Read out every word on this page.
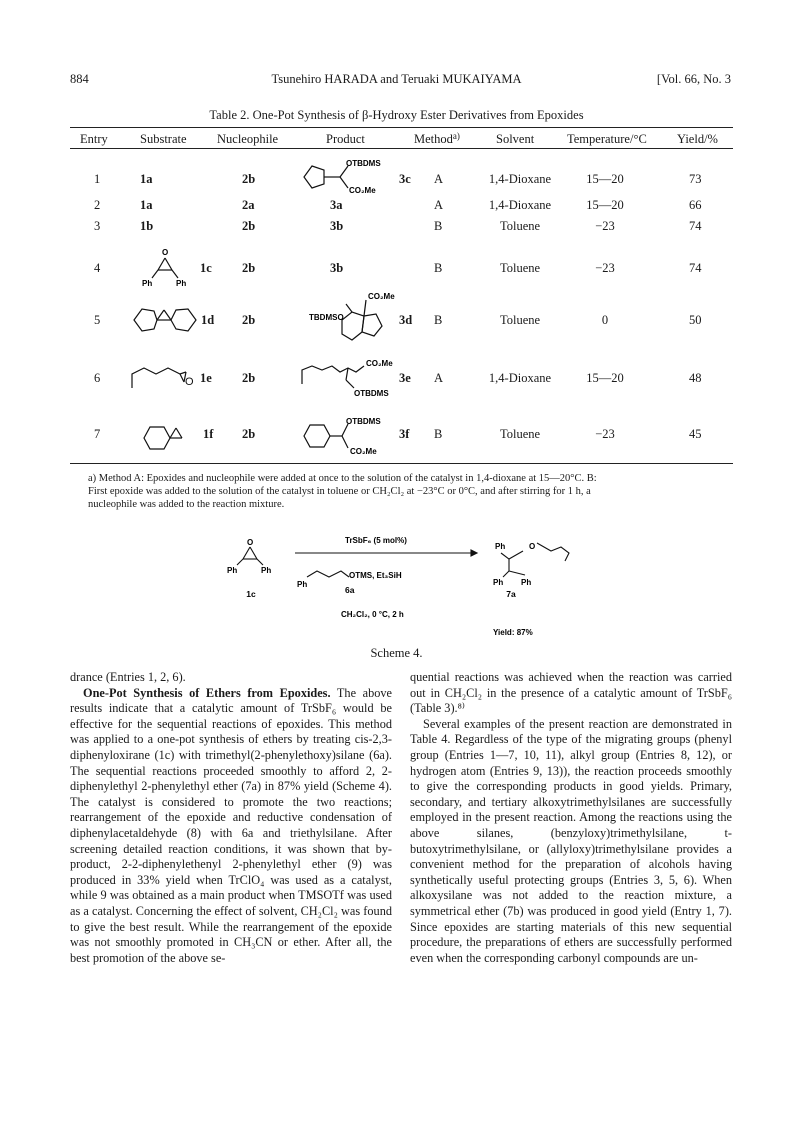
884	Tsunehiro HARADA and Teruaki MUKAIYAMA	[Vol. 66, No. 3
Table 2. One-Pot Synthesis of β-Hydroxy Ester Derivatives from Epoxides
Entry	Substrate Nucleophile	Product	Method$^{a)}$	Solvent	Temperature/°C Yield/%
1	1a	2b	3c A	1,4-Dioxane	15—20	73
2	1a	2a	3a	A	1,4-Dioxane	15—20	66
3	1b	2b	3b	B	Toluene	−23	74
4	1c 2b	3b	B	Toluene	−23	74
5	1d 2b	3d B	Toluene	0	50
6	1e 2b	3e A	1,4-Dioxane	15—20	48
7	1f 2b	3f B	Toluene	−23	45
OTBDMS
CO₂Me
O
Ph	Ph
CO₂Me
TBDMSO
O
CO₂Me
OTBDMS
OTBDMS
CO₂Me
a) Method A: Epoxides and nucleophile were added at once to the solution of the catalyst in 1,4-dioxane at 15—20°C. B:
First epoxide was added to the solution of the catalyst in toluene or CH₂Cl₂ at −23°C or 0°C, and after stirring for 1 h, a
nucleophile was added to the reaction mixture.
O
Ph	Ph
1c
TrSbF₆ (5 mol%)
Ph
OTMS, Et₃SiH
6a
CH₂Cl₂, 0 °C, 2 h
Ph	O
Ph Ph
7a
Yield: 87%
Scheme 4.

drance (Entries 1, 2, 6).

One-Pot Synthesis of Ethers from Epoxides. The above results indicate that a catalytic amount of TrSbF₆ would be effective for the sequential reactions of epoxides. This method was applied to a one-pot synthesis of ethers by treating cis-2,3-diphenyloxirane (1c) with trimethyl(2-phenylethoxy)silane (6a). The sequential reactions proceeded smoothly to afford 2, 2-diphenylethyl 2-phenylethyl ether (7a) in 87% yield (Scheme 4). The catalyst is considered to promote the two reactions; rearrangement of the epoxide and reductive condensation of diphenylacetaldehyde (8) with 6a and triethylsilane. After screening detailed reaction conditions, it was shown that by-product, 2-2-diphenylethenyl 2-phenylethyl ether (9) was produced in 33% yield when TrClO₄ was used as a catalyst, while 9 was obtained as a main product when TMSOTf was used as a catalyst. Concerning the effect of solvent, CH₂Cl₂ was found to give the best result. While the rearrangement of the epoxide was not smoothly promoted in CH₃CN or ether. After all, the best promotion of the above se-

quential reactions was achieved when the reaction was carried out in CH₂Cl₂ in the presence of a catalytic amount of TrSbF₆ (Table 3).⁸⁾

Several examples of the present reaction are demonstrated in Table 4. Regardless of the type of the migrating groups (phenyl group (Entries 1—7, 10, 11), alkyl group (Entries 8, 12), or hydrogen atom (Entries 9, 13)), the reaction proceeds smoothly to give the corresponding products in good yields. Primary, secondary, and tertiary alkoxytrimethylsilanes are successfully employed in the present reaction. Among the reactions using the above silanes, (benzyloxy)trimethylsilane, t-butoxytrimethylsilane, or (allyloxy)trimethylsilane provides a convenient method for the preparation of alcohols having synthetically useful protecting groups (Entries 3, 5, 6). When alkoxysilane was not added to the reaction mixture, a symmetrical ether (7b) was produced in good yield (Entry 1, 7). Since epoxides are starting materials of this new sequential procedure, the preparations of ethers are successfully performed even when the corresponding carbonyl compounds are un-
